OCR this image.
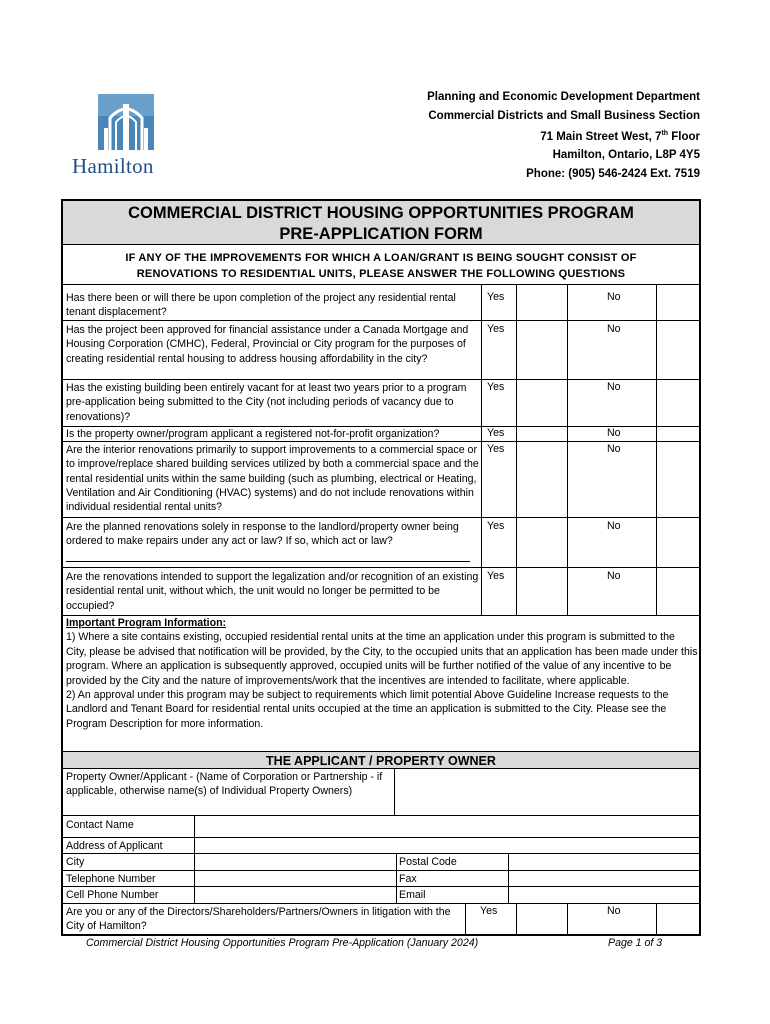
Hamilton
Planning and Economic Development Department
Commercial Districts and Small Business Section
71 Main Street West, 7th Floor
Hamilton, Ontario, L8P 4Y5
Phone: (905) 546-2424 Ext. 7519
COMMERCIAL DISTRICT HOUSING OPPORTUNITIES PROGRAM
PRE-APPLICATION FORM
IF ANY OF THE IMPROVEMENTS FOR WHICH A LOAN/GRANT IS BEING SOUGHT CONSIST OF
RENOVATIONS TO RESIDENTIAL UNITS, PLEASE ANSWER THE FOLLOWING QUESTIONS
Has there been or will there be upon completion of the project any residential rental tenant displacement?
Yes	No
Has the project been approved for financial assistance under a Canada Mortgage and Housing Corporation (CMHC), Federal, Provincial or City program for the purposes of creating residential rental housing to address housing affordability in the city?
Yes	No
Has the existing building been entirely vacant for at least two years prior to a program pre-application being submitted to the City (not including periods of vacancy due to renovations)?
Yes	No
Is the property owner/program applicant a registered not-for-profit organization?	Yes	No
Are the interior renovations primarily to support improvements to a commercial space or to improve/replace shared building services utilized by both a commercial space and the rental residential units within the same building (such as plumbing, electrical or Heating, Ventilation and Air Conditioning (HVAC) systems) and do not include renovations within individual residential rental units?
Yes	No
Are the planned renovations solely in response to the landlord/property owner being ordered to make repairs under any act or law? If so, which act or law?
Yes	No
Are the renovations intended to support the legalization and/or recognition of an existing residential rental unit, without which, the unit would no longer be permitted to be occupied?
Yes	No
Important Program Information:
1) Where a site contains existing, occupied residential rental units at the time an application under this program is submitted to the City, please be advised that notification will be provided, by the City, to the occupied units that an application has been made under this program. Where an application is subsequently approved, occupied units will be further notified of the value of any incentive to be provided by the City and the nature of improvements/work that the incentives are intended to facilitate, where applicable.
2) An approval under this program may be subject to requirements which limit potential Above Guideline Increase requests to the Landlord and Tenant Board for residential rental units occupied at the time an application is submitted to the City. Please see the Program Description for more information.
THE APPLICANT / PROPERTY OWNER
Property Owner/Applicant - (Name of Corporation or Partnership - if applicable, otherwise name(s) of Individual Property Owners)
Contact Name
Address of Applicant
City	Postal Code
Telephone Number	Fax
Cell Phone Number	Email
Are you or any of the Directors/Shareholders/Partners/Owners in litigation with the City of Hamilton?
Yes	No
Commercial District Housing Opportunities Program Pre-Application (January 2024)	Page 1 of 3
